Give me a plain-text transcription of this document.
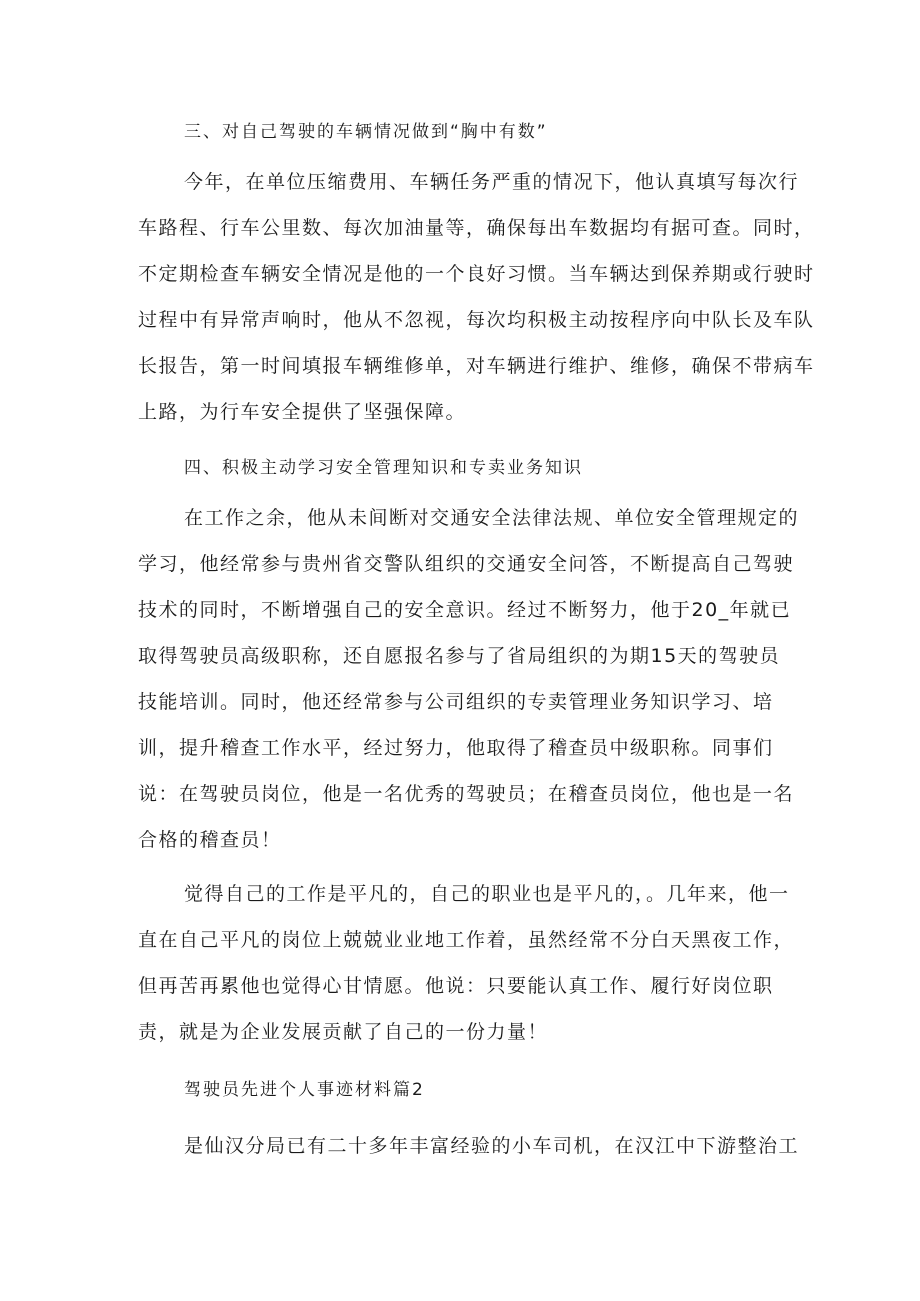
三、对自己驾驶的车辆情况做到“胸中有数”
今年，在单位压缩费用、车辆任务严重的情况下，他认真填写每次行
车路程、行车公里数、每次加油量等，确保每出车数据均有据可查。同时，
不定期检查车辆安全情况是他的一个良好习惯。当车辆达到保养期或行驶时
过程中有异常声响时，他从不忽视，每次均积极主动按程序向中队长及车队
长报告，第一时间填报车辆维修单，对车辆进行维护、维修，确保不带病车
上路，为行车安全提供了坚强保障。
四、积极主动学习安全管理知识和专卖业务知识
在工作之余，他从未间断对交通安全法律法规、单位安全管理规定的
学习，他经常参与贵州省交警队组织的交通安全问答，不断提高自己驾驶
技术的同时，不断增强自己的安全意识。经过不断努力，他于20_年就已
取得驾驶员高级职称，还自愿报名参与了省局组织的为期15天的驾驶员
技能培训。同时，他还经常参与公司组织的专卖管理业务知识学习、培
训，提升稽查工作水平，经过努力，他取得了稽查员中级职称。同事们
说：在驾驶员岗位，他是一名优秀的驾驶员；在稽查员岗位，他也是一名
合格的稽查员！
觉得自己的工作是平凡的，自己的职业也是平凡的，。几年来，他一
直在自己平凡的岗位上兢兢业业地工作着，虽然经常不分白天黑夜工作，
但再苦再累他也觉得心甘情愿。他说：只要能认真工作、履行好岗位职
责，就是为企业发展贡献了自己的一份力量！
驾驶员先进个人事迹材料篇2
是仙汉分局已有二十多年丰富经验的小车司机，在汉江中下游整治工
